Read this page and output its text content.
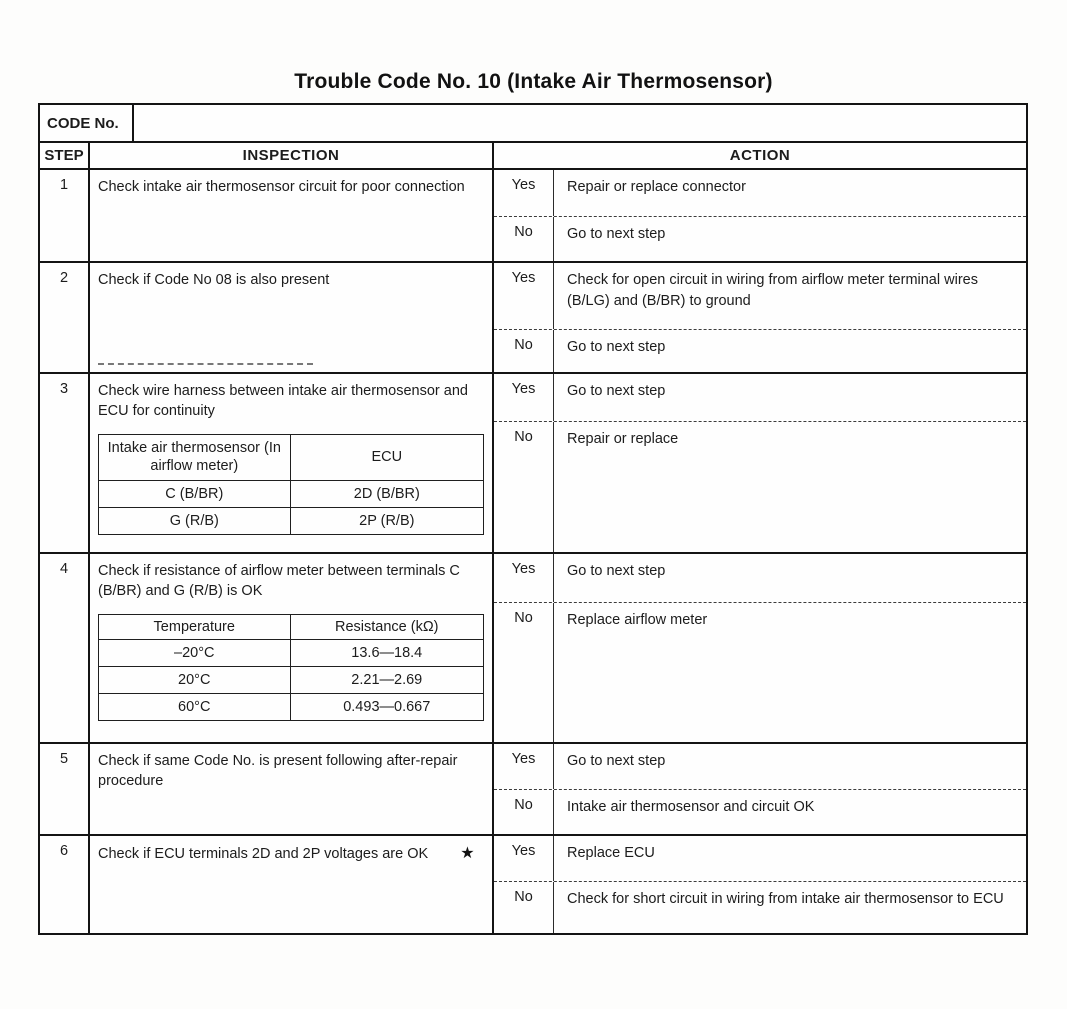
Trouble Code No. 10 (Intake Air Thermosensor)
CODE No.
STEP	INSPECTION	ACTION
1	Check intake air thermosensor circuit for poor connection	Yes	Repair or replace connector
No	Go to next step
2	Check if Code No 08 is also present	Yes	Check for open circuit in wiring from airflow meter terminal wires (B/LG) and (B/BR) to ground
No	Go to next step
3	Check wire harness between intake air thermosensor and ECU for continuity
Intake air thermosensor (In airflow meter)	ECU
C (B/BR)	2D (B/BR)
G (R/B)	2P (R/B)
Yes	Go to next step
No	Repair or replace
4	Check if resistance of airflow meter between terminals C (B/BR) and G (R/B) is OK
Temperature	Resistance (kΩ)
–20°C	13.6—18.4
20°C	2.21—2.69
60°C	0.493—0.667
Yes	Go to next step
No	Replace airflow meter
5	Check if same Code No. is present following after-repair procedure
Yes	Go to next step
No	Intake air thermosensor and circuit OK
6	Check if ECU terminals 2D and 2P voltages are OK ★	Yes	Replace ECU
No	Check for short circuit in wiring from intake air thermosensor to ECU
